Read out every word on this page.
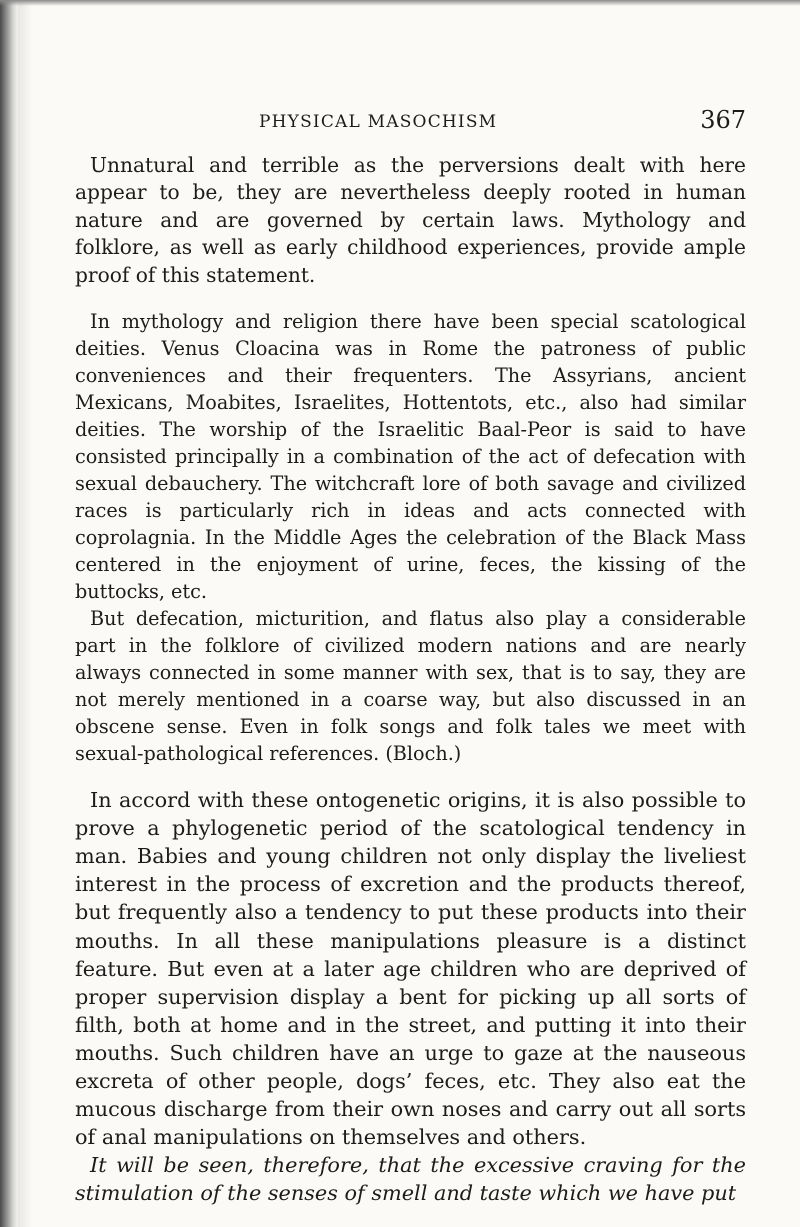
PHYSICAL MASOCHISM	367

Unnatural and terrible as the perversions dealt with here appear to be, they are nevertheless deeply rooted in human nature and are governed by certain laws. Mythology and folklore, as well as early childhood experiences, provide ample proof of this statement.

In mythology and religion there have been special scatological deities. Venus Cloacina was in Rome the patroness of public conveniences and their frequenters. The Assyrians, ancient Mexicans, Moabites, Israelites, Hottentots, etc., also had similar deities. The worship of the Israelitic Baal-Peor is said to have consisted principally in a combination of the act of defecation with sexual debauchery. The witchcraft lore of both savage and civilized races is particularly rich in ideas and acts connected with coprolagnia. In the Middle Ages the celebration of the Black Mass centered in the enjoyment of urine, feces, the kissing of the buttocks, etc.

But defecation, micturition, and flatus also play a considerable part in the folklore of civilized modern nations and are nearly always connected in some manner with sex, that is to say, they are not merely mentioned in a coarse way, but also discussed in an obscene sense. Even in folk songs and folk tales we meet with sexual-pathological references. (Bloch.)

In accord with these ontogenetic origins, it is also possible to prove a phylogenetic period of the scatological tendency in man. Babies and young children not only display the liveliest interest in the process of excretion and the products thereof, but frequently also a tendency to put these products into their mouths. In all these manipulations pleasure is a distinct feature. But even at a later age children who are deprived of proper supervision display a bent for picking up all sorts of filth, both at home and in the street, and putting it into their mouths. Such children have an urge to gaze at the nauseous excreta of other people, dogs’ feces, etc. They also eat the mucous discharge from their own noses and carry out all sorts of anal manipulations on themselves and others.

It will be seen, therefore, that the excessive craving for the stimulation of the senses of smell and taste which we have put
